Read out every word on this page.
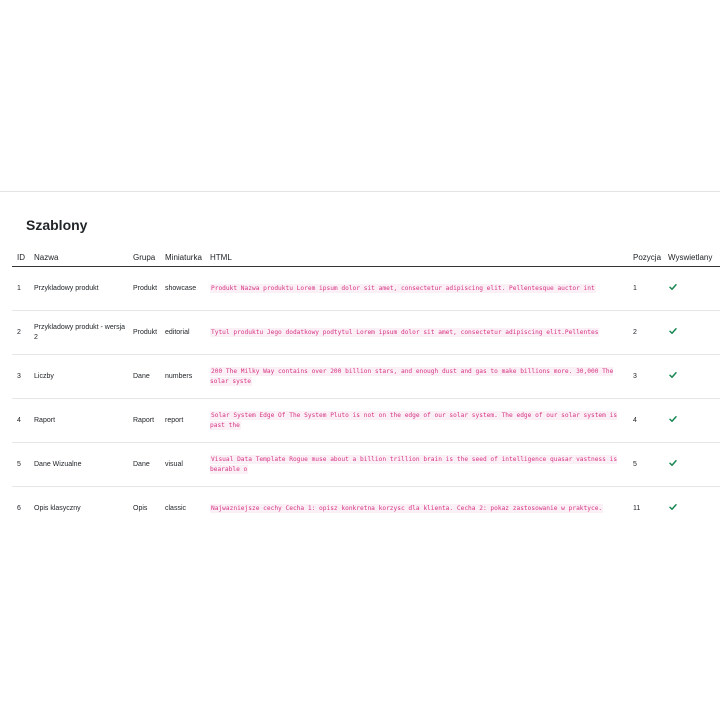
Szablony
ID	Nazwa	Grupa	Miniaturka	HTML	Pozycja	Wyswietlany
1	Przykladowy produkt	Produkt	showcase	Produkt Nazwa produktu Lorem ipsum dolor sit amet, consectetur adipiscing elit. Pellentesque auctor int	1	

2	Przykladowy produkt - wersja 2	Produkt	editorial	Tytul produktu Jego dodatkowy podtytul Lorem ipsum dolor sit amet, consectetur adipiscing elit.Pellentes	2	

3	Liczby	Dane	numbers	200 The Milky Way contains over 200 billion stars, and enough dust and gas to make billions more. 30,000 The solar syste	3	

4	Raport	Raport	report	Solar System Edge Of The System Pluto is not on the edge of our solar system. The edge of our solar system is past the	4	

5	Dane Wizualne	Dane	visual	Visual Data Template Rogue muse about a billion trillion brain is the seed of intelligence quasar vastness is bearable o	5	

6	Opis klasyczny	Opis	classic	Najwazniejsze cechy Cecha 1: opisz konkretna korzysc dla klienta. Cecha 2: pokaz zastosowanie w praktyce.	11	
